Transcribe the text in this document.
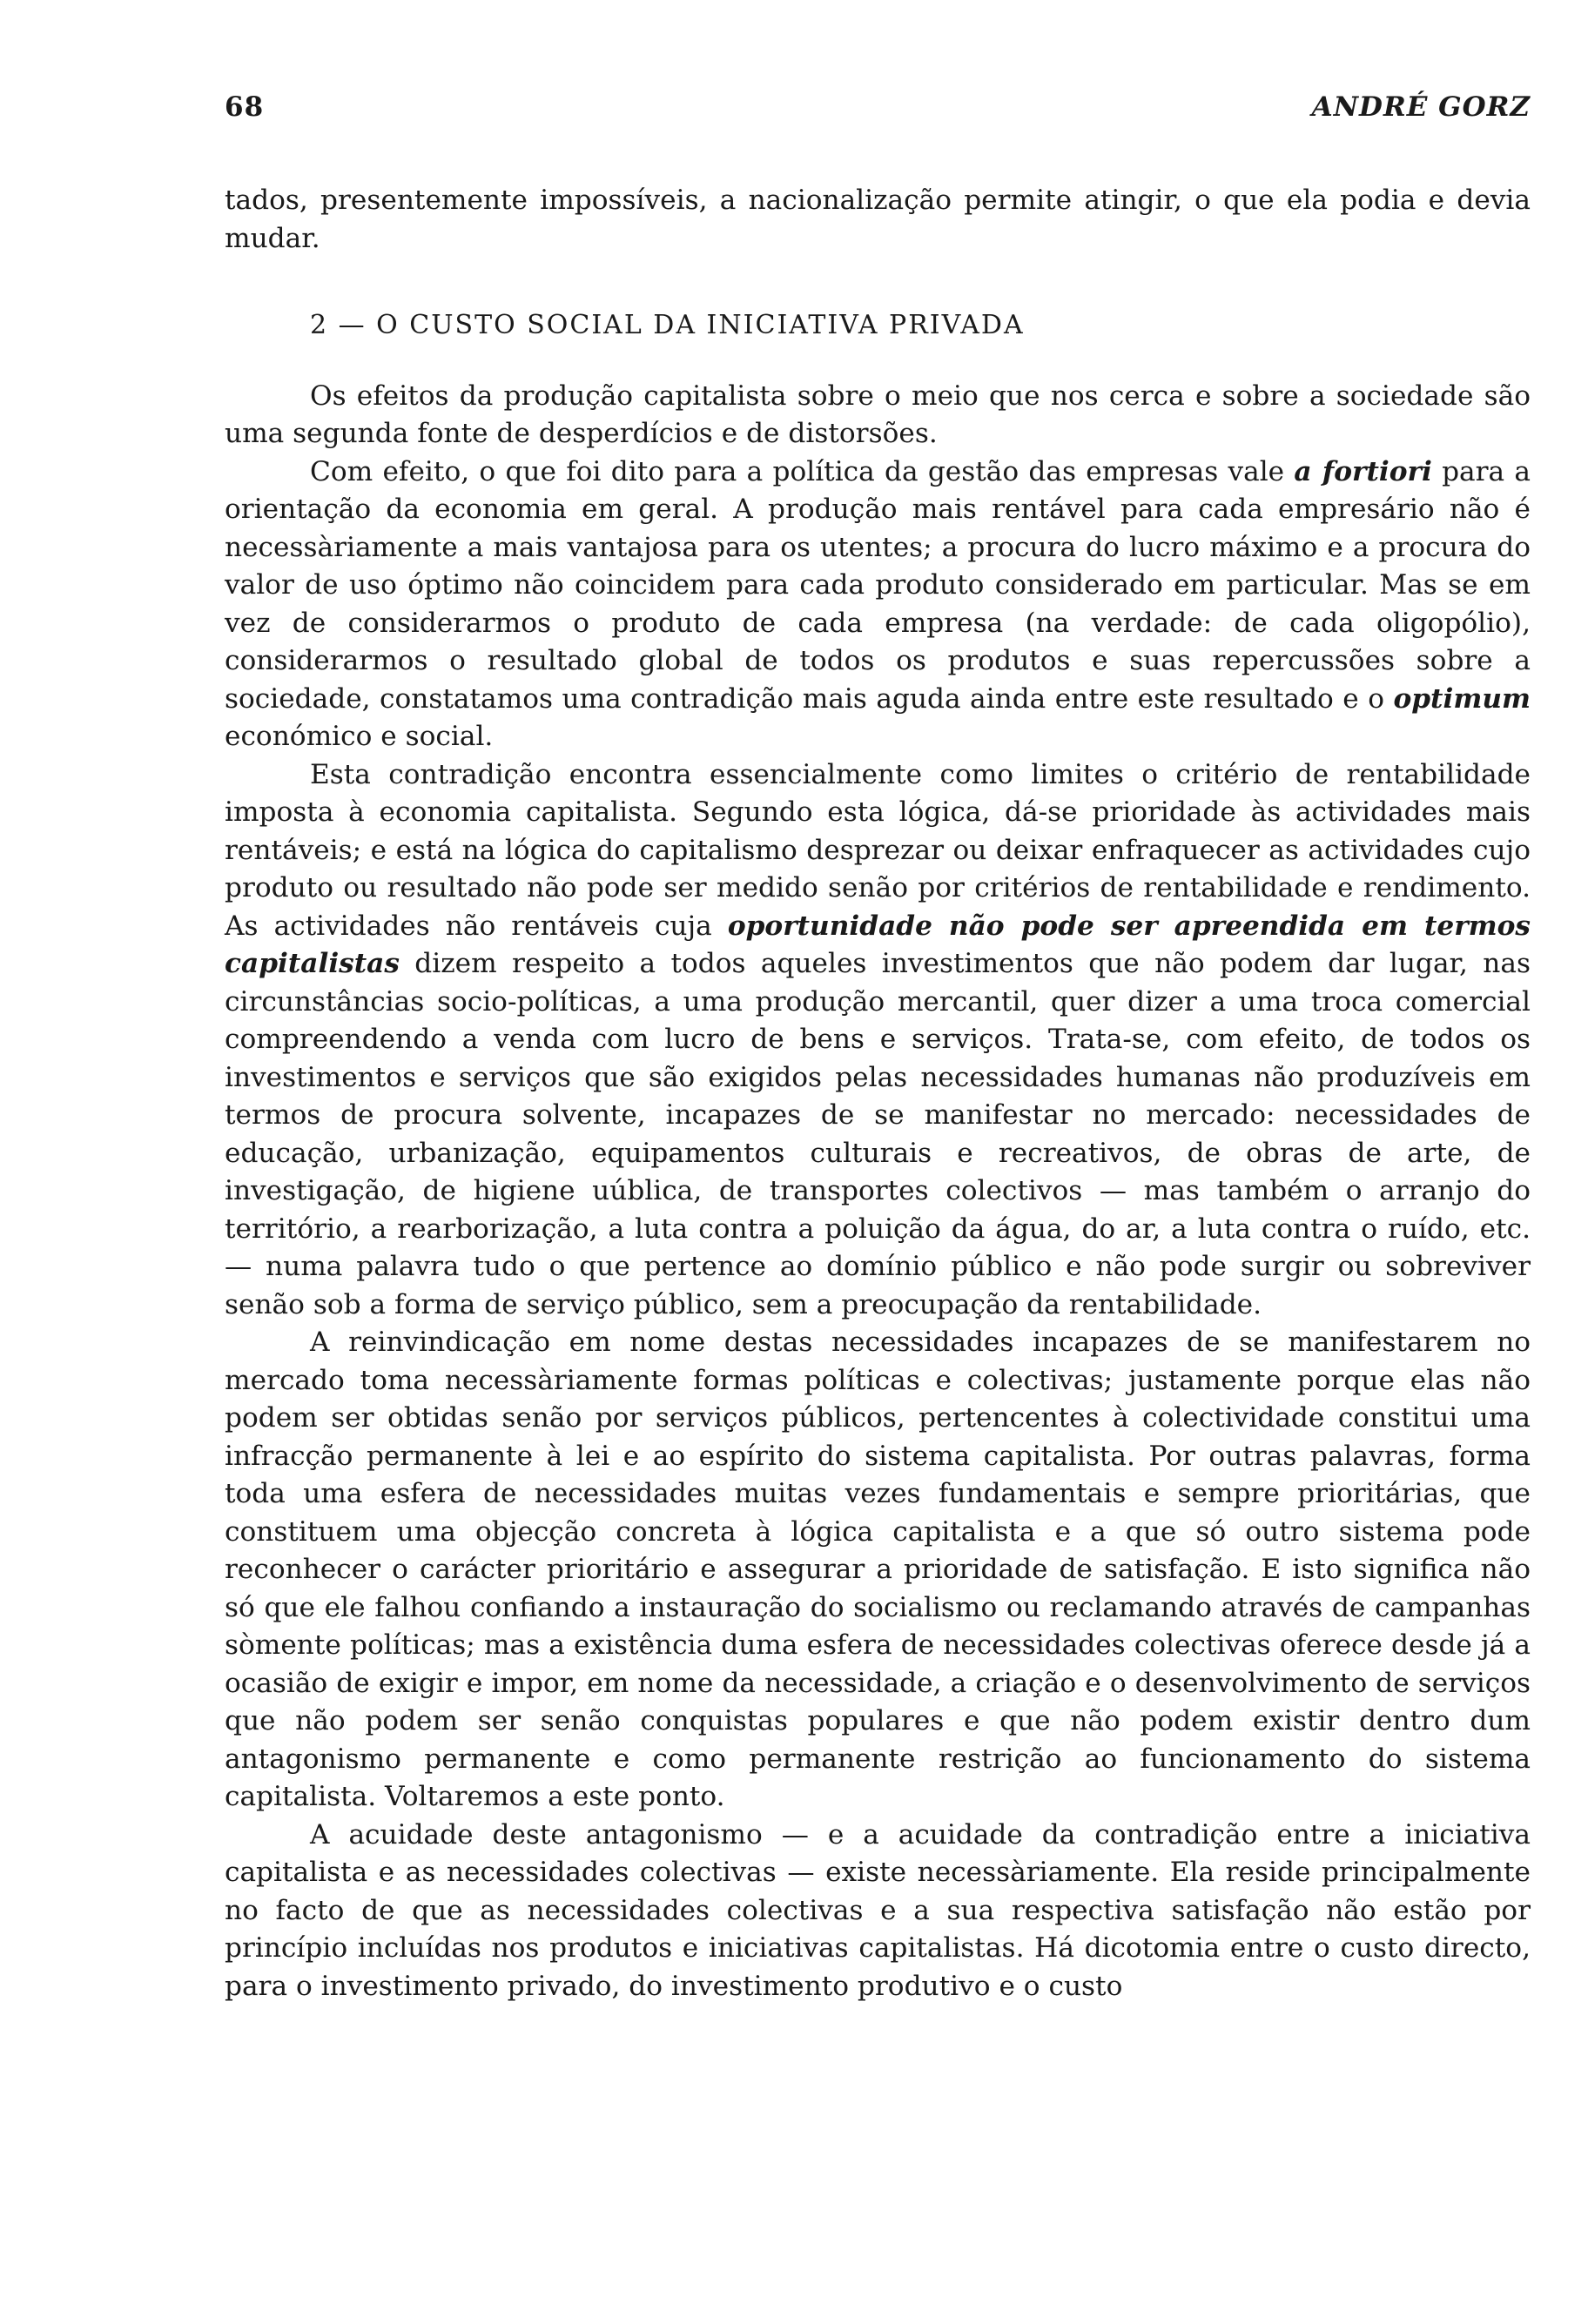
68	ANDRÉ GORZ

tados, presentemente impossíveis, a nacionalização permite atingir, o que ela podia e devia mudar.

2 — O CUSTO SOCIAL DA INICIATIVA PRIVADA

Os efeitos da produção capitalista sobre o meio que nos cerca e sobre a sociedade são uma segunda fonte de desperdícios e de distorsões.

Com efeito, o que foi dito para a política da gestão das empresas vale a fortiori para a orientação da economia em geral. A produção mais rentável para cada empresário não é necessàriamente a mais vantajosa para os utentes; a procura do lucro máximo e a procura do valor de uso óptimo não coincidem para cada produto considerado em particular. Mas se em vez de considerarmos o produto de cada empresa (na verdade: de cada oligopólio), considerarmos o resultado global de todos os produtos e suas repercussões sobre a sociedade, constatamos uma contradição mais aguda ainda entre este resultado e o optimum económico e social.

Esta contradição encontra essencialmente como limites o critério de rentabilidade imposta à economia capitalista. Segundo esta lógica, dá-se prioridade às actividades mais rentáveis; e está na lógica do capitalismo desprezar ou deixar enfraquecer as actividades cujo produto ou resultado não pode ser medido senão por critérios de rentabilidade e rendimento. As actividades não rentáveis cuja oportunidade não pode ser apreendida em termos capitalistas dizem respeito a todos aqueles investimentos que não podem dar lugar, nas circunstâncias socio-políticas, a uma produção mercantil, quer dizer a uma troca comercial compreendendo a venda com lucro de bens e serviços. Trata-se, com efeito, de todos os investimentos e serviços que são exigidos pelas necessidades humanas não produzíveis em termos de procura solvente, incapazes de se manifestar no mercado: necessidades de educação, urbanização, equipamentos culturais e recreativos, de obras de arte, de investigação, de higiene uública, de transportes colectivos — mas também o arranjo do território, a rearborização, a luta contra a poluição da água, do ar, a luta contra o ruído, etc. — numa palavra tudo o que pertence ao domínio público e não pode surgir ou sobreviver senão sob a forma de serviço público, sem a preocupação da rentabilidade.

A reinvindicação em nome destas necessidades incapazes de se manifestarem no mercado toma necessàriamente formas políticas e colectivas; justamente porque elas não podem ser obtidas senão por serviços públicos, pertencentes à colectividade constitui uma infracção permanente à lei e ao espírito do sistema capitalista. Por outras palavras, forma toda uma esfera de necessidades muitas vezes fundamentais e sempre prioritárias, que constituem uma objecção concreta à lógica capitalista e a que só outro sistema pode reconhecer o carácter prioritário e assegurar a prioridade de satisfação. E isto significa não só que ele falhou confiando a instauração do socialismo ou reclamando através de campanhas sòmente políticas; mas a existência duma esfera de necessidades colectivas oferece desde já a ocasião de exigir e impor, em nome da necessidade, a criação e o desenvolvimento de serviços que não podem ser senão conquistas populares e que não podem existir dentro dum antagonismo permanente e como permanente restrição ao funcionamento do sistema capitalista. Voltaremos a este ponto.

A acuidade deste antagonismo — e a acuidade da contradição entre a iniciativa capitalista e as necessidades colectivas — existe necessàriamente. Ela reside principalmente no facto de que as necessidades colectivas e a sua respectiva satisfação não estão por princípio incluídas nos produtos e iniciativas capitalistas. Há dicotomia entre o custo directo, para o investimento privado, do investimento produtivo e o custo
